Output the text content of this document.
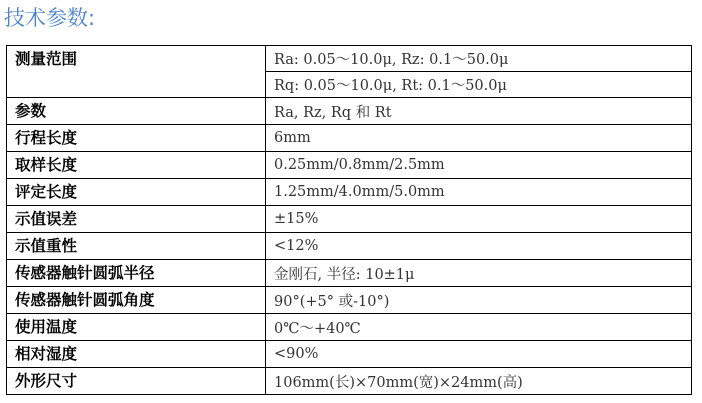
技术参数:
测量范围	Ra: 0.05～10.0μ, Rz: 0.1～50.0μ
	Rq: 0.05～10.0μ, Rt: 0.1～50.0μ
参数	Ra, Rz, Rq 和 Rt
行程长度	6mm
取样长度	0.25mm/0.8mm/2.5mm
评定长度	1.25mm/4.0mm/5.0mm
示值误差	±15%
示值重性	<12%
传感器触针圆弧半径	金刚石, 半径: 10±1μ
传感器触针圆弧角度	90°(+5° 或-10°)
使用温度	0℃～+40℃
相对湿度	<90%
外形尺寸	106mm(长)×70mm(宽)×24mm(高)
